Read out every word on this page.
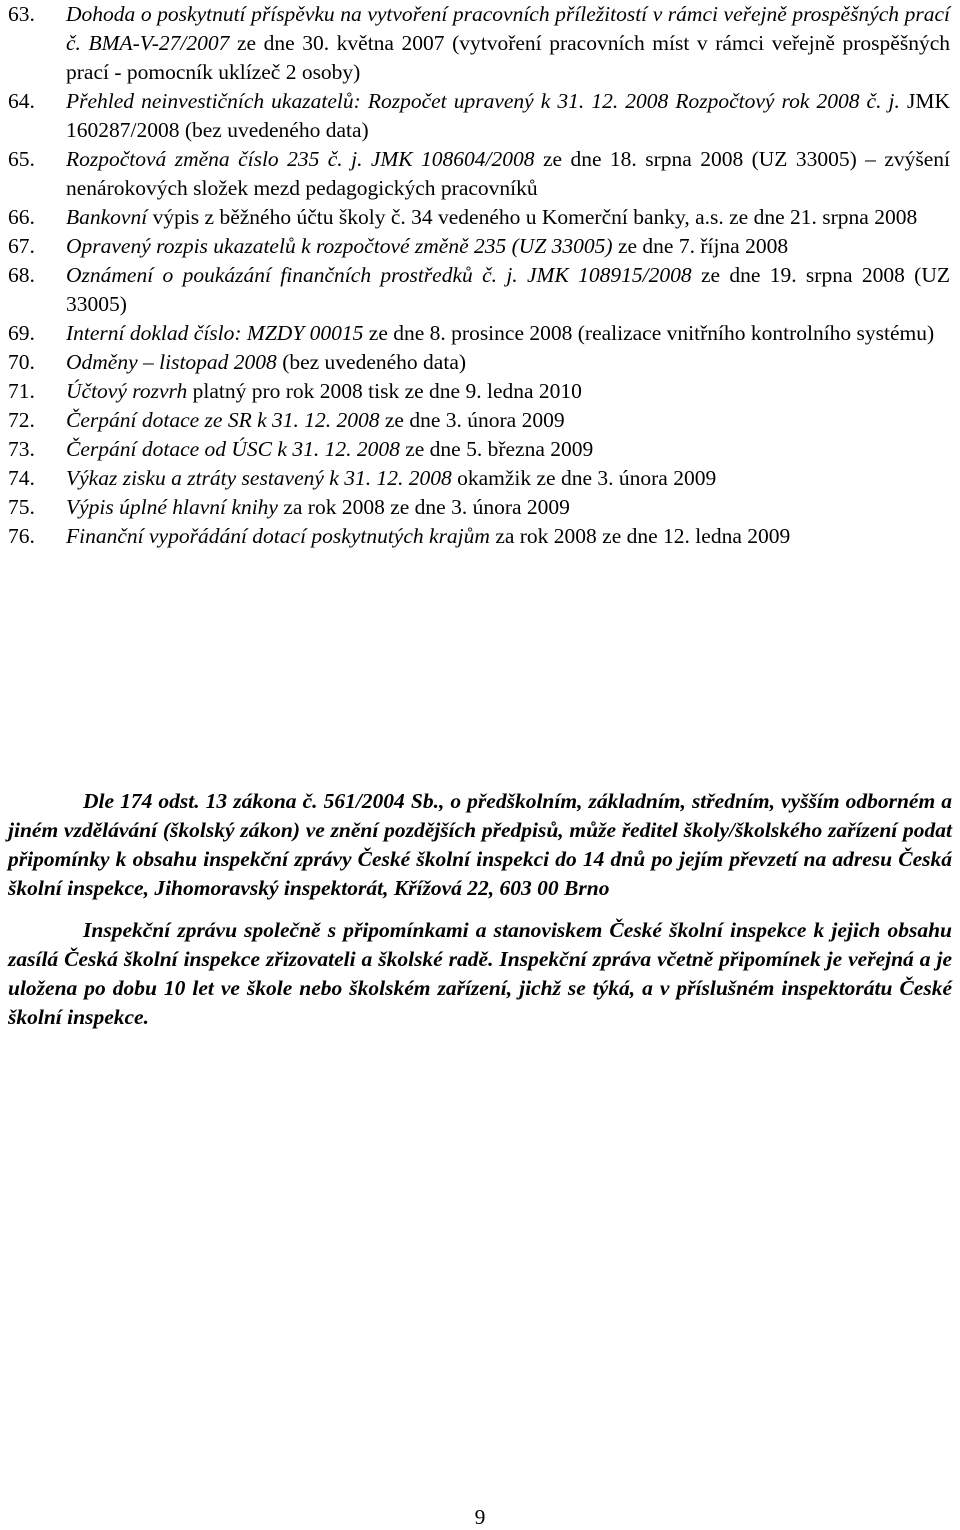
63. Dohoda o poskytnutí příspěvku na vytvoření pracovních příležitostí v rámci veřejně prospěšných prací č. BMA-V-27/2007 ze dne 30. května 2007 (vytvoření pracovních míst v rámci veřejně prospěšných prací - pomocník uklízeč 2 osoby)
64. Přehled neinvestičních ukazatelů: Rozpočet upravený k 31. 12. 2008 Rozpočtový rok 2008 č. j. JMK 160287/2008 (bez uvedeného data)
65. Rozpočtová změna číslo 235 č. j. JMK 108604/2008 ze dne 18. srpna 2008 (UZ 33005) – zvýšení nenárokových složek mezd pedagogických pracovníků
66. Bankovní výpis z běžného účtu školy č. 34 vedeného u Komerční banky, a.s. ze dne 21. srpna 2008
67. Opravený rozpis ukazatelů k rozpočtové změně 235 (UZ 33005) ze dne 7. října 2008
68. Oznámení o poukázání finančních prostředků č. j. JMK 108915/2008 ze dne 19. srpna 2008 (UZ 33005)
69. Interní doklad číslo: MZDY 00015 ze dne 8. prosince 2008 (realizace vnitřního kontrolního systému)
70. Odměny – listopad 2008 (bez uvedeného data)
71. Účtový rozvrh platný pro rok 2008 tisk ze dne 9. ledna 2010
72. Čerpání dotace ze SR k 31. 12. 2008 ze dne 3. února 2009
73. Čerpání dotace od ÚSC k 31. 12. 2008 ze dne 5. března 2009
74. Výkaz zisku a ztráty sestavený k 31. 12. 2008 okamžik ze dne 3. února 2009
75. Výpis úplné hlavní knihy za rok 2008 ze dne 3. února 2009
76. Finanční vypořádání dotací poskytnutých krajům za rok 2008 ze dne 12. ledna 2009

Dle 174 odst. 13 zákona č. 561/2004 Sb., o předškolním, základním, středním, vyšším odborném a jiném vzdělávání (školský zákon) ve znění pozdějších předpisů, může ředitel školy/školského zařízení podat připomínky k obsahu inspekční zprávy České školní inspekci do 14 dnů po jejím převzetí na adresu Česká školní inspekce, Jihomoravský inspektorát, Křížová 22, 603 00 Brno

Inspekční zprávu společně s připomínkami a stanoviskem České školní inspekce k jejich obsahu zasílá Česká školní inspekce zřizovateli a školské radě. Inspekční zpráva včetně připomínek je veřejná a je uložena po dobu 10 let ve škole nebo školském zařízení, jichž se týká, a v příslušném inspektorátu České školní inspekce.

9
